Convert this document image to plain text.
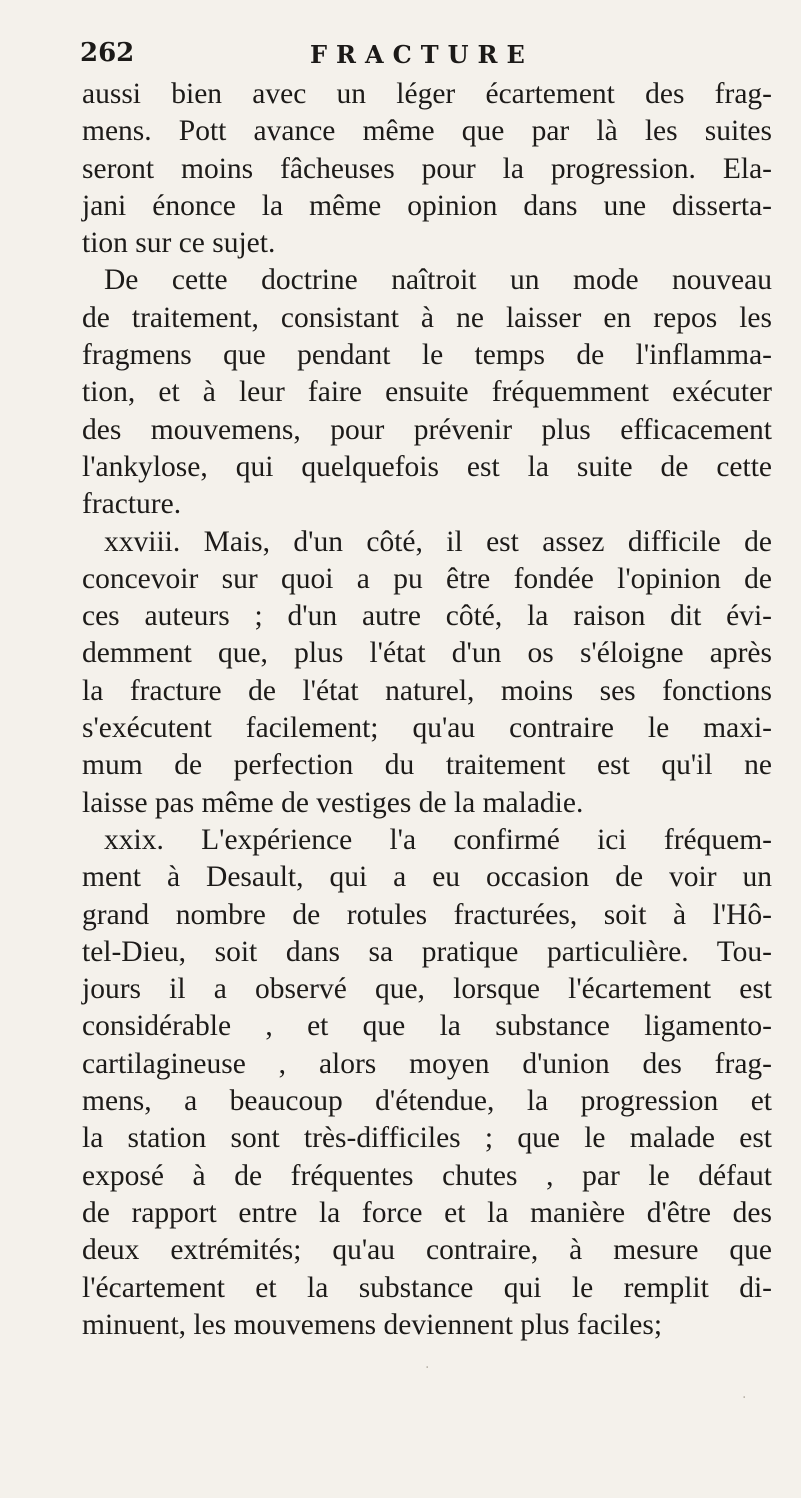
262	FRACTURE
aussi bien avec un léger écartement des frag-
mens. Pott avance même que par là les suites
seront moins fâcheuses pour la progression. Ela-
jani énonce la même opinion dans une disserta-
tion sur ce sujet.
De cette doctrine naîtroit un mode nouveau
de traitement, consistant à ne laisser en repos les
fragmens que pendant le temps de l'inflamma-
tion, et à leur faire ensuite fréquemment exécuter
des mouvemens, pour prévenir plus efficacement
l'ankylose, qui quelquefois est la suite de cette
fracture.
xxviii. Mais, d'un côté, il est assez difficile de
concevoir sur quoi a pu être fondée l'opinion de
ces auteurs ; d'un autre côté, la raison dit évi-
demment que, plus l'état d'un os s'éloigne après
la fracture de l'état naturel, moins ses fonctions
s'exécutent facilement; qu'au contraire le maxi-
mum de perfection du traitement est qu'il ne
laisse pas même de vestiges de la maladie.
xxix. L'expérience l'a confirmé ici fréquem-
ment à Desault, qui a eu occasion de voir un
grand nombre de rotules fracturées, soit à l'Hô-
tel-Dieu, soit dans sa pratique particulière. Tou-
jours il a observé que, lorsque l'écartement est
considérable , et que la substance ligamento-
cartilagineuse , alors moyen d'union des frag-
mens, a beaucoup d'étendue, la progression et
la station sont très-difficiles ; que le malade est
exposé à de fréquentes chutes , par le défaut
de rapport entre la force et la manière d'être des
deux extrémités; qu'au contraire, à mesure que
l'écartement et la substance qui le remplit di-
minuent, les mouvemens deviennent plus faciles;
·
·
